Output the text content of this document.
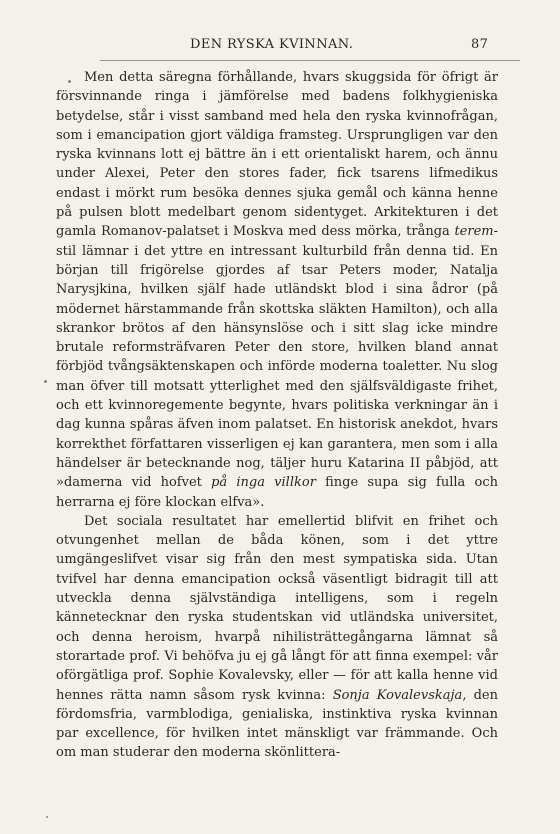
DEN RYSKA KVINNAN.	87

Men detta säregna förhållande, hvars skuggsida för öfrigt är försvinnande ringa i jämförelse med badens folkhygieniska betydelse, står i visst samband med hela den ryska kvinnofrågan, som i emancipation gjort väldiga framsteg. Ursprungligen var den ryska kvinnans lott ej bättre än i ett orientaliskt harem, och ännu under Alexei, Peter den stores fader, fick tsarens lifmedikus endast i mörkt rum besöka dennes sjuka gemål och känna henne på pulsen blott medelbart genom sidentyget. Arkitekturen i det gamla Romanov-palatset i Moskva med dess mörka, trånga terem-stil lämnar i det yttre en intressant kulturbild från denna tid. En början till frigörelse gjordes af tsar Peters moder, Natalja Narysjkina, hvilken själf hade utländskt blod i sina ådror (på mödernet härstammande från skottska släkten Hamilton), och alla skrankor brötos af den hänsynslöse och i sitt slag icke mindre brutale reformsträfvaren Peter den store, hvilken bland annat förbjöd tvångsäktenskapen och införde moderna toaletter. Nu slog man öfver till motsatt ytterlighet med den själfsväldigaste frihet, och ett kvinnoregemente begynte, hvars politiska verkningar än i dag kunna spåras äfven inom palatset. En historisk anekdot, hvars korrekthet författaren visserligen ej kan garantera, men som i alla händelser är betecknande nog, täljer huru Katarina II påbjöd, att »damerna vid hofvet på inga villkor finge supa sig fulla och herrarna ej före klockan elfva».

Det sociala resultatet har emellertid blifvit en frihet och otvungenhet mellan de båda könen, som i det yttre umgängeslifvet visar sig från den mest sympatiska sida. Utan tvifvel har denna emancipation också väsentligt bidragit till att utveckla denna självständiga intelligens, som i regeln kännetecknar den ryska studentskan vid utländska universitet, och denna heroism, hvarpå nihilisträttegångarna lämnat så storartade prof. Vi behöfva ju ej gå långt för att finna exempel: vår oförgätliga prof. Sophie Kovalevsky, eller — för att kalla henne vid hennes rätta namn såsom rysk kvinna: Sonja Kovalevskaja, den fördomsfria, varmblodiga, genialiska, instinktiva ryska kvinnan par excellence, för hvilken intet mänskligt var främmande. Och om man studerar den moderna skönlittera-
